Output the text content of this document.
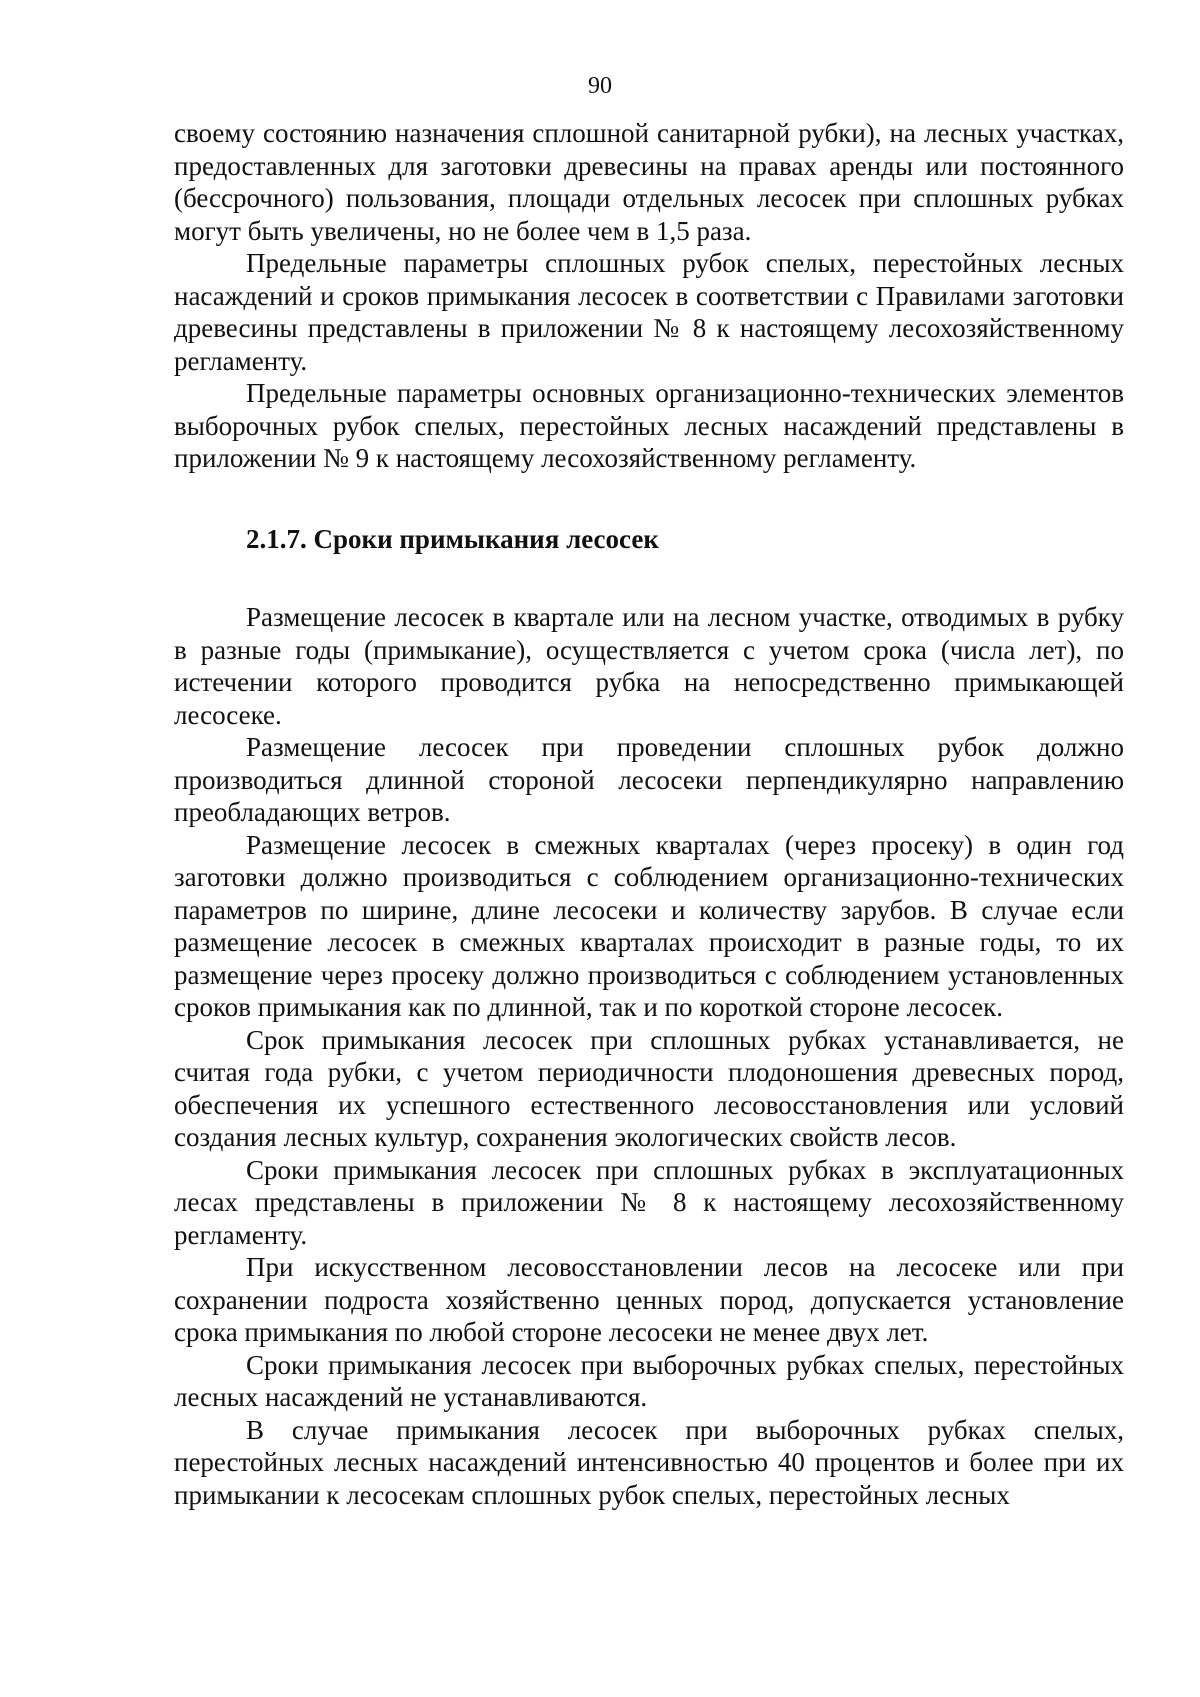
90

своему состоянию назначения сплошной санитарной рубки), на лесных участках, предоставленных для заготовки древесины на правах аренды или постоянного (бессрочного) пользования, площади отдельных лесосек при сплошных рубках могут быть увеличены, но не более чем в 1,5 раза.

Предельные параметры сплошных рубок спелых, перестойных лесных насаждений и сроков примыкания лесосек в соответствии с Правилами заготовки древесины представлены в приложении № 8 к настоящему лесохозяйственному регламенту.

Предельные параметры основных организационно-технических элементов выборочных рубок спелых, перестойных лесных насаждений представлены в приложении № 9 к настоящему лесохозяйственному регламенту.

2.1.7. Сроки примыкания лесосек

Размещение лесосек в квартале или на лесном участке, отводимых в рубку в разные годы (примыкание), осуществляется с учетом срока (числа лет), по истечении которого проводится рубка на непосредственно примыкающей лесосеке.

Размещение лесосек при проведении сплошных рубок должно производиться длинной стороной лесосеки перпендикулярно направлению преобладающих ветров.

Размещение лесосек в смежных кварталах (через просеку) в один год заготовки должно производиться с соблюдением организационно-технических параметров по ширине, длине лесосеки и количеству зарубов. В случае если размещение лесосек в смежных кварталах происходит в разные годы, то их размещение через просеку должно производиться с соблюдением установленных сроков примыкания как по длинной, так и по короткой стороне лесосек.

Срок примыкания лесосек при сплошных рубках устанавливается, не считая года рубки, с учетом периодичности плодоношения древесных пород, обеспечения их успешного естественного лесовосстановления или условий создания лесных культур, сохранения экологических свойств лесов.

Сроки примыкания лесосек при сплошных рубках в эксплуатационных лесах представлены в приложении № 8 к настоящему лесохозяйственному регламенту.

При искусственном лесовосстановлении лесов на лесосеке или при сохранении подроста хозяйственно ценных пород, допускается установление срока примыкания по любой стороне лесосеки не менее двух лет.

Сроки примыкания лесосек при выборочных рубках спелых, перестойных лесных насаждений не устанавливаются.

В случае примыкания лесосек при выборочных рубках спелых, перестойных лесных насаждений интенсивностью 40 процентов и более при их примыкании к лесосекам сплошных рубок спелых, перестойных лесных
